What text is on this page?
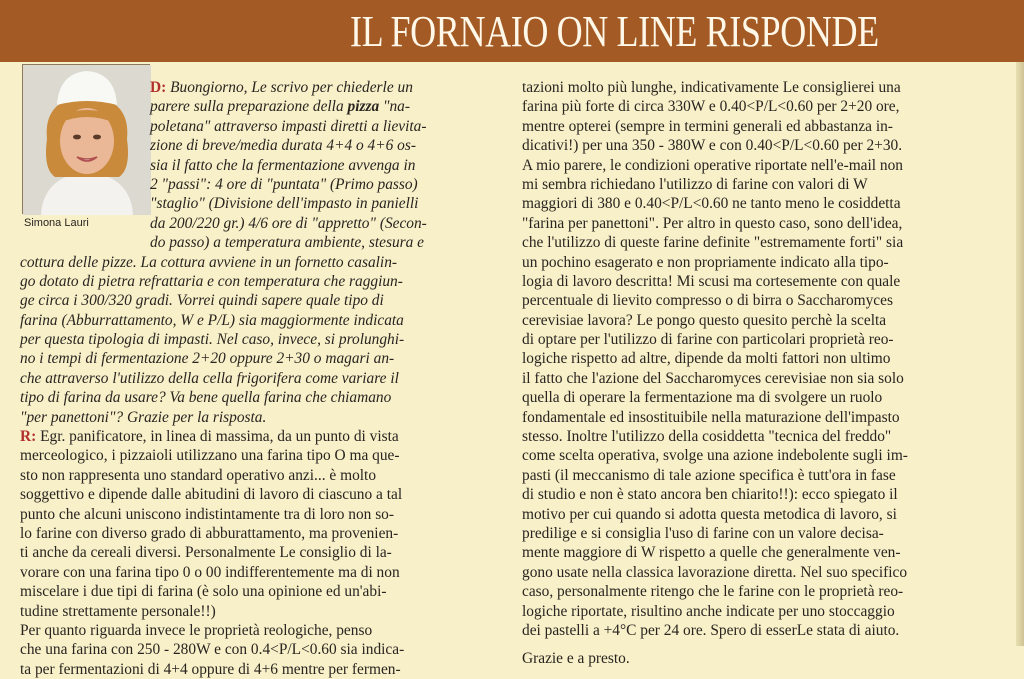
IL FORNAIO ON LINE RISPONDE
Simona Lauri
D: Buongiorno, Le scrivo per chiederle un
parere sulla preparazione della pizza "na-
poletana" attraverso impasti diretti a lievita-
zione di breve/media durata 4+4 o 4+6 os-
sia il fatto che la fermentazione avvenga in
2 "passi": 4 ore di "puntata" (Primo passo)
"staglio" (Divisione dell'impasto in panielli
da 200/220 gr.) 4/6 ore di "appretto" (Secon-
do passo) a temperatura ambiente, stesura e
cottura delle pizze. La cottura avviene in un fornetto casalin-
go dotato di pietra refrattaria e con temperatura che raggiun-
ge circa i 300/320 gradi. Vorrei quindi sapere quale tipo di
farina (Abburrattamento, W e P/L) sia maggiormente indicata
per questa tipologia di impasti. Nel caso, invece, si prolunghi-
no i tempi di fermentazione 2+20 oppure 2+30 o magari an-
che attraverso l'utilizzo della cella frigorifera come variare il
tipo di farina da usare? Va bene quella farina che chiamano
"per panettoni"? Grazie per la risposta.
R: Egr. panificatore, in linea di massima, da un punto di vista
merceologico, i pizzaioli utilizzano una farina tipo O ma que-
sto non rappresenta uno standard operativo anzi... è molto
soggettivo e dipende dalle abitudini di lavoro di ciascuno a tal
punto che alcuni uniscono indistintamente tra di loro non so-
lo farine con diverso grado di abburattamento, ma provenien-
ti anche da cereali diversi. Personalmente Le consiglio di la-
vorare con una farina tipo 0 o 00 indifferentemente ma di non
miscelare i due tipi di farina (è solo una opinione ed un'abi-
tudine strettamente personale!!)
Per quanto riguarda invece le proprietà reologiche, penso
che una farina con 250 - 280W e con 0.4<P/L<0.60 sia indica-
ta per fermentazioni di 4+4 oppure di 4+6 mentre per fermen-
tazioni molto più lunghe, indicativamente Le consiglierei una
farina più forte di circa 330W e 0.40<P/L<0.60 per 2+20 ore,
mentre opterei (sempre in termini generali ed abbastanza in-
dicativi!) per una 350 - 380W e con 0.40<P/L<0.60 per 2+30.
A mio parere, le condizioni operative riportate nell'e-mail non
mi sembra richiedano l'utilizzo di farine con valori di W
maggiori di 380 e 0.40<P/L<0.60 ne tanto meno le cosiddetta
"farina per panettoni". Per altro in questo caso, sono dell'idea,
che l'utilizzo di queste farine definite "estremamente forti" sia
un pochino esagerato e non propriamente indicato alla tipo-
logia di lavoro descritta! Mi scusi ma cortesemente con quale
percentuale di lievito compresso o di birra o Saccharomyces
cerevisiae lavora? Le pongo questo quesito perchè la scelta
di optare per l'utilizzo di farine con particolari proprietà reo-
logiche rispetto ad altre, dipende da molti fattori non ultimo
il fatto che l'azione del Saccharomyces cerevisiae non sia solo
quella di operare la fermentazione ma di svolgere un ruolo
fondamentale ed insostituibile nella maturazione dell'impasto
stesso. Inoltre l'utilizzo della cosiddetta "tecnica del freddo"
come scelta operativa, svolge una azione indebolente sugli im-
pasti (il meccanismo di tale azione specifica è tutt'ora in fase
di studio e non è stato ancora ben chiarito!!): ecco spiegato il
motivo per cui quando si adotta questa metodica di lavoro, si
predilige e si consiglia l'uso di farine con un valore decisa-
mente maggiore di W rispetto a quelle che generalmente ven-
gono usate nella classica lavorazione diretta. Nel suo specifico
caso, personalmente ritengo che le farine con le proprietà reo-
logiche riportate, risultino anche indicate per uno stoccaggio
dei pastelli a +4°C per 24 ore. Spero di esserLe stata di aiuto.
Grazie e a presto.
